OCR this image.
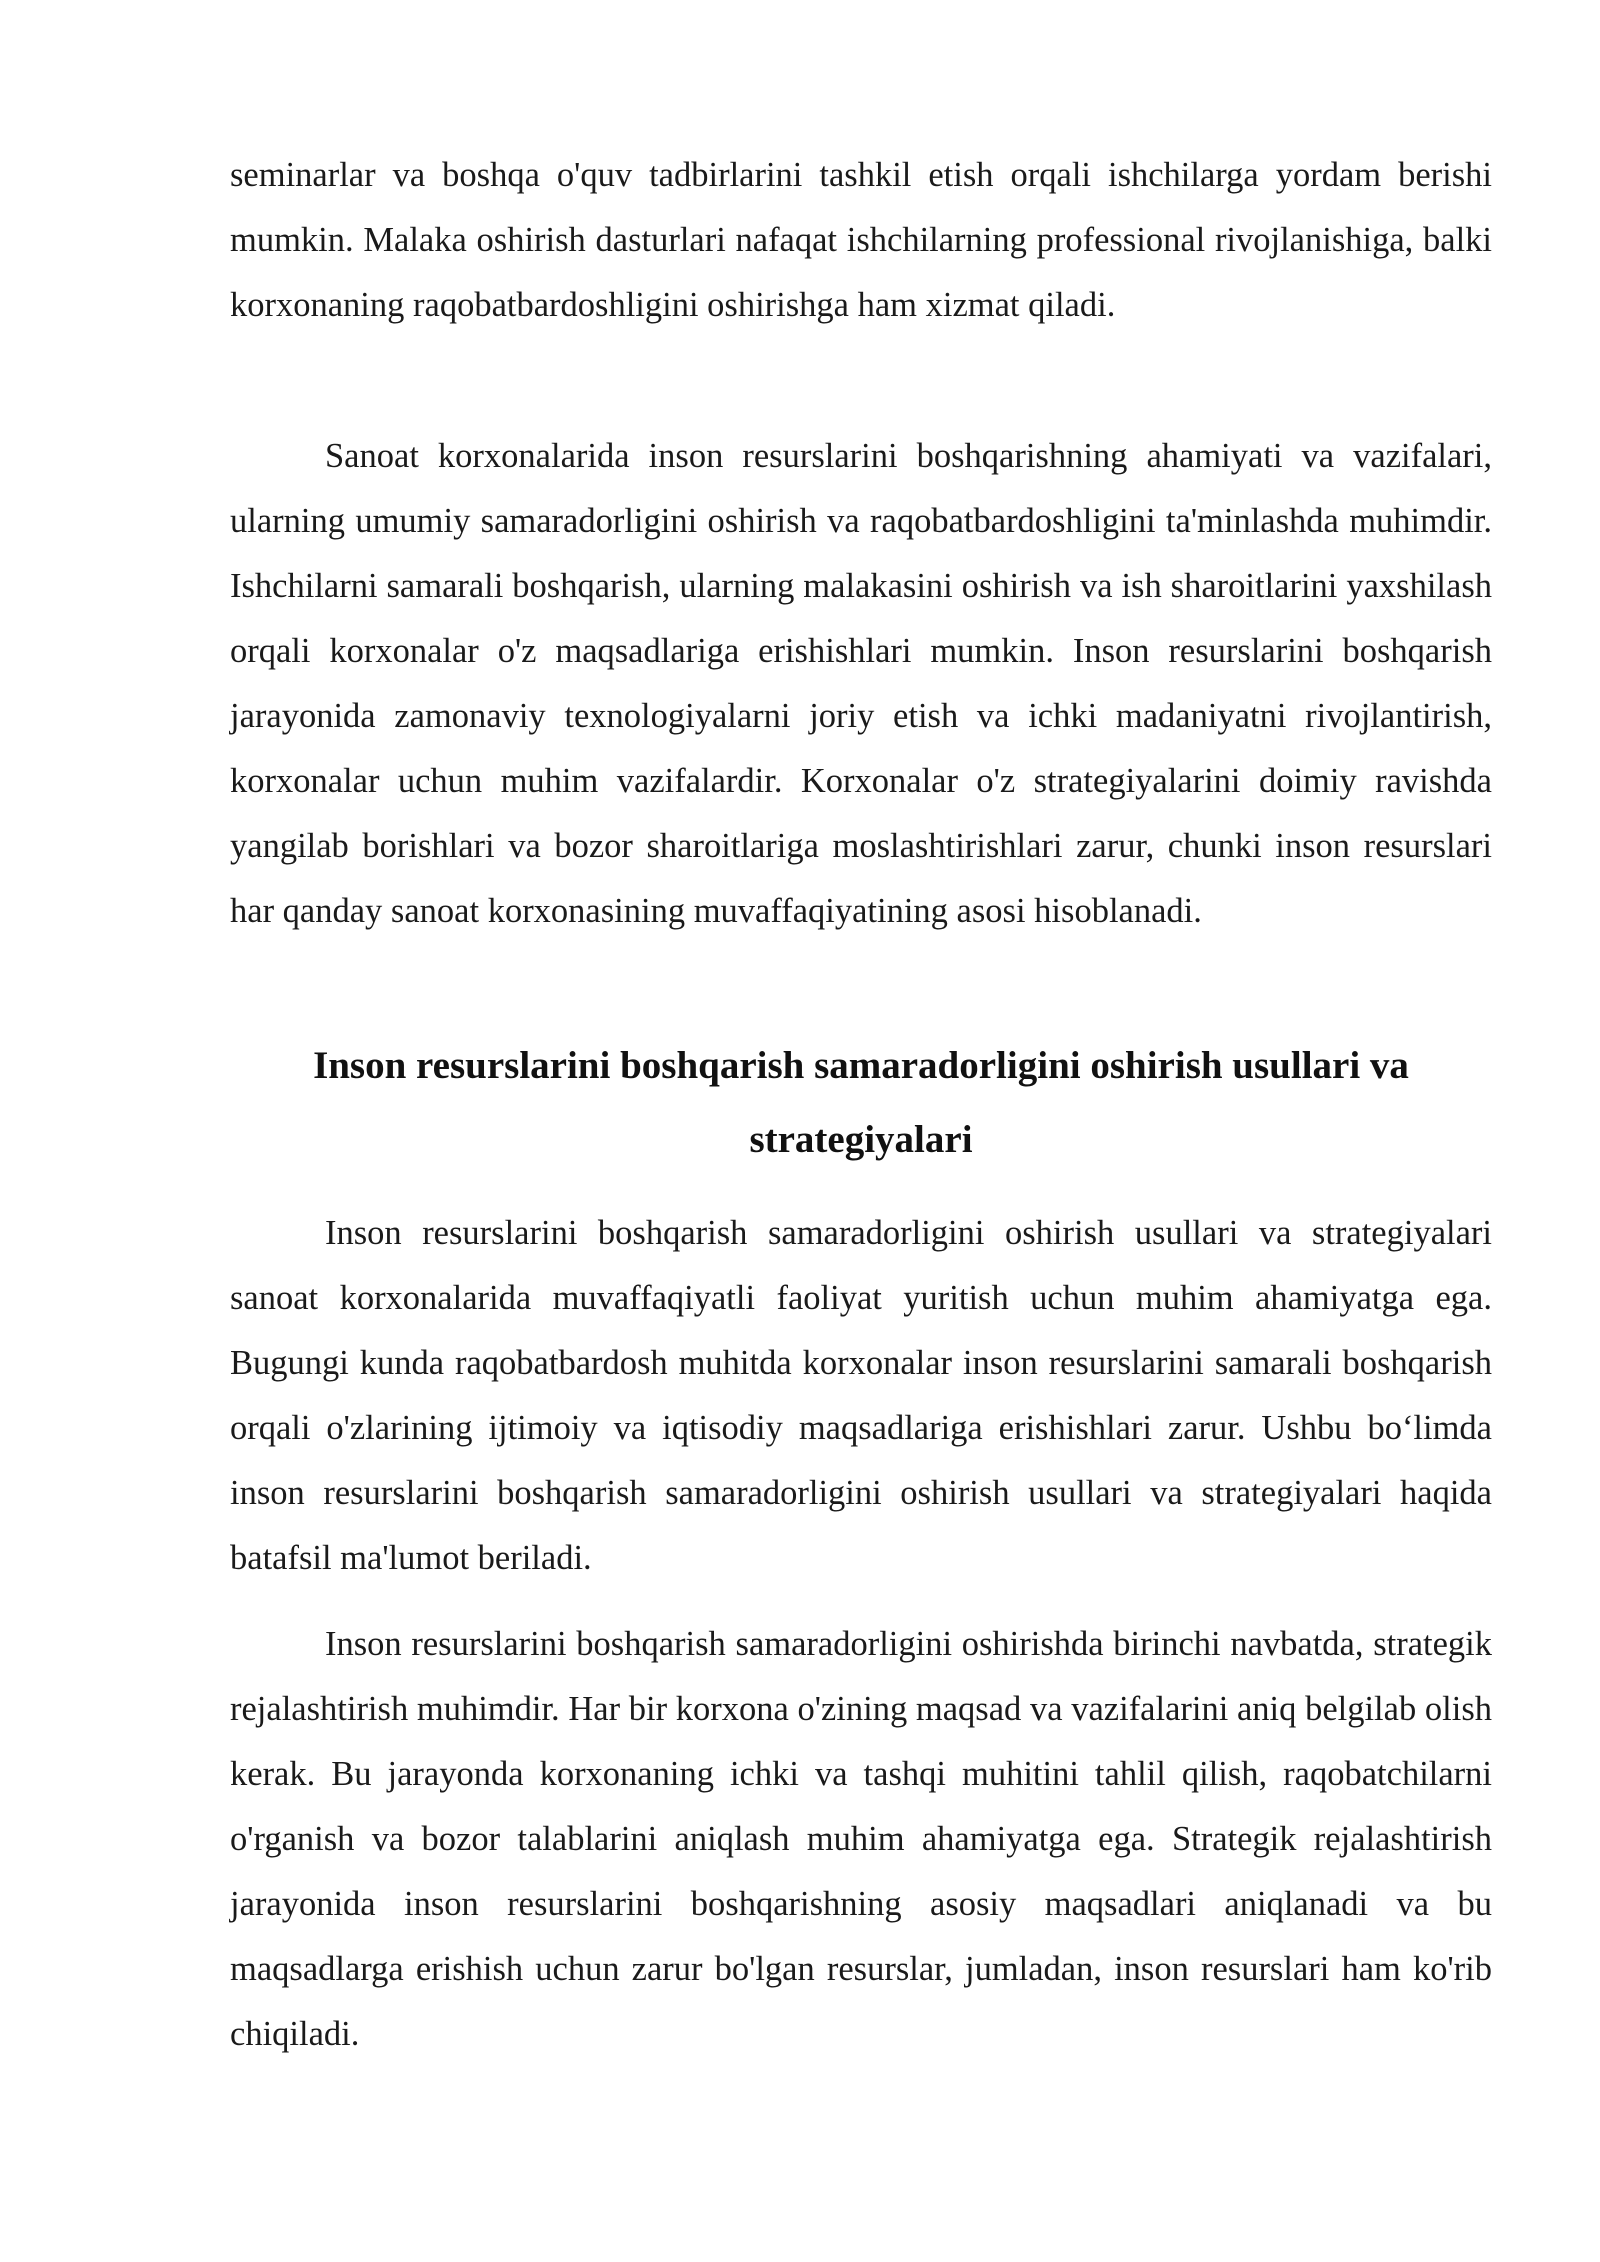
seminarlar va boshqa o'quv tadbirlarini tashkil etish orqali ishchilarga yordam berishi mumkin. Malaka oshirish dasturlari nafaqat ishchilarning professional rivojlanishiga, balki korxonaning raqobatbardoshligini oshirishga ham xizmat qiladi.

Sanoat korxonalarida inson resurslarini boshqarishning ahamiyati va vazifalari, ularning umumiy samaradorligini oshirish va raqobatbardoshligini ta'minlashda muhimdir. Ishchilarni samarali boshqarish, ularning malakasini oshirish va ish sharoitlarini yaxshilash orqali korxonalar o'z maqsadlariga erishishlari mumkin. Inson resurslarini boshqarish jarayonida zamonaviy texnologiyalarni joriy etish va ichki madaniyatni rivojlantirish, korxonalar uchun muhim vazifalardir. Korxonalar o'z strategiyalarini doimiy ravishda yangilab borishlari va bozor sharoitlariga moslashtirishlari zarur, chunki inson resurslari har qanday sanoat korxonasining muvaffaqiyatining asosi hisoblanadi.

Inson resurslarini boshqarish samaradorligini oshirish usullari va strategiyalari

Inson resurslarini boshqarish samaradorligini oshirish usullari va strategiyalari sanoat korxonalarida muvaffaqiyatli faoliyat yuritish uchun muhim ahamiyatga ega. Bugungi kunda raqobatbardosh muhitda korxonalar inson resurslarini samarali boshqarish orqali o'zlarining ijtimoiy va iqtisodiy maqsadlariga erishishlari zarur. Ushbu bo‘limda inson resurslarini boshqarish samaradorligini oshirish usullari va strategiyalari haqida batafsil ma'lumot beriladi.

Inson resurslarini boshqarish samaradorligini oshirishda birinchi navbatda, strategik rejalashtirish muhimdir. Har bir korxona o'zining maqsad va vazifalarini aniq belgilab olish kerak. Bu jarayonda korxonaning ichki va tashqi muhitini tahlil qilish, raqobatchilarni o'rganish va bozor talablarini aniqlash muhim ahamiyatga ega. Strategik rejalashtirish jarayonida inson resurslarini boshqarishning asosiy maqsadlari aniqlanadi va bu maqsadlarga erishish uchun zarur bo'lgan resurslar, jumladan, inson resurslari ham ko'rib chiqiladi.
